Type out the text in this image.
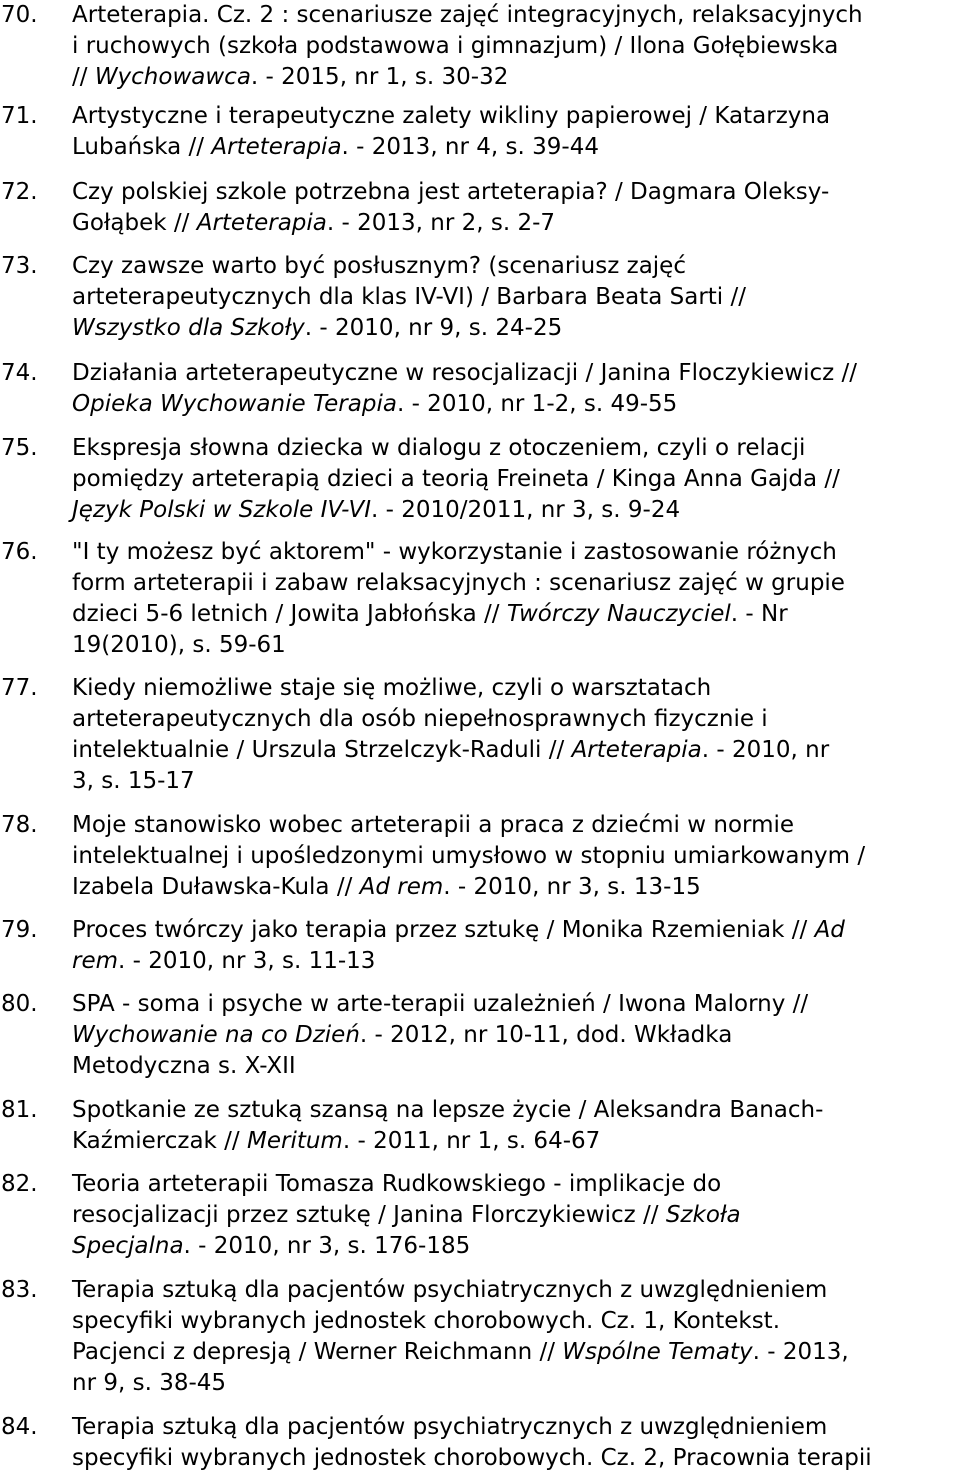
70.	Arteterapia. Cz. 2 : scenariusze zajęć integracyjnych, relaksacyjnych
i ruchowych (szkoła podstawowa i gimnazjum) / Ilona Gołębiewska
// Wychowawca. - 2015, nr 1, s. 30-32
71.	Artystyczne i terapeutyczne zalety wikliny papierowej / Katarzyna
Lubańska // Arteterapia. - 2013, nr 4, s. 39-44
72.	Czy polskiej szkole potrzebna jest arteterapia? / Dagmara Oleksy-
Gołąbek // Arteterapia. - 2013, nr 2, s. 2-7
73.	Czy zawsze warto być posłusznym? (scenariusz zajęć
arteterapeutycznych dla klas IV-VI) / Barbara Beata Sarti //
Wszystko dla Szkoły. - 2010, nr 9, s. 24-25
74.	Działania arteterapeutyczne w resocjalizacji / Janina Floczykiewicz //
Opieka Wychowanie Terapia. - 2010, nr 1-2, s. 49-55
75.	Ekspresja słowna dziecka w dialogu z otoczeniem, czyli o relacji
pomiędzy arteterapią dzieci a teorią Freineta / Kinga Anna Gajda //
Język Polski w Szkole IV-VI. - 2010/2011, nr 3, s. 9-24
76.	"I ty możesz być aktorem" - wykorzystanie i zastosowanie różnych
form arteterapii i zabaw relaksacyjnych : scenariusz zajęć w grupie
dzieci 5-6 letnich / Jowita Jabłońska // Twórczy Nauczyciel. - Nr
19(2010), s. 59-61
77.	Kiedy niemożliwe staje się możliwe, czyli o warsztatach
arteterapeutycznych dla osób niepełnosprawnych fizycznie i
intelektualnie / Urszula Strzelczyk-Raduli // Arteterapia. - 2010, nr
3, s. 15-17
78.	Moje stanowisko wobec arteterapii a praca z dziećmi w normie
intelektualnej i upośledzonymi umysłowo w stopniu umiarkowanym /
Izabela Duławska-Kula // Ad rem. - 2010, nr 3, s. 13-15
79.	Proces twórczy jako terapia przez sztukę / Monika Rzemieniak // Ad
rem. - 2010, nr 3, s. 11-13
80.	SPA - soma i psyche w arte-terapii uzależnień / Iwona Malorny //
Wychowanie na co Dzień. - 2012, nr 10-11, dod. Wkładka
Metodyczna s. X-XII
81.	Spotkanie ze sztuką szansą na lepsze życie / Aleksandra Banach-
Kaźmierczak // Meritum. - 2011, nr 1, s. 64-67
82.	Teoria arteterapii Tomasza Rudkowskiego - implikacje do
resocjalizacji przez sztukę / Janina Florczykiewicz // Szkoła
Specjalna. - 2010, nr 3, s. 176-185
83.	Terapia sztuką dla pacjentów psychiatrycznych z uwzględnieniem
specyfiki wybranych jednostek chorobowych. Cz. 1, Kontekst.
Pacjenci z depresją / Werner Reichmann // Wspólne Tematy. - 2013,
nr 9, s. 38-45
84.	Terapia sztuką dla pacjentów psychiatrycznych z uwzględnieniem
specyfiki wybranych jednostek chorobowych. Cz. 2, Pracownia terapii
